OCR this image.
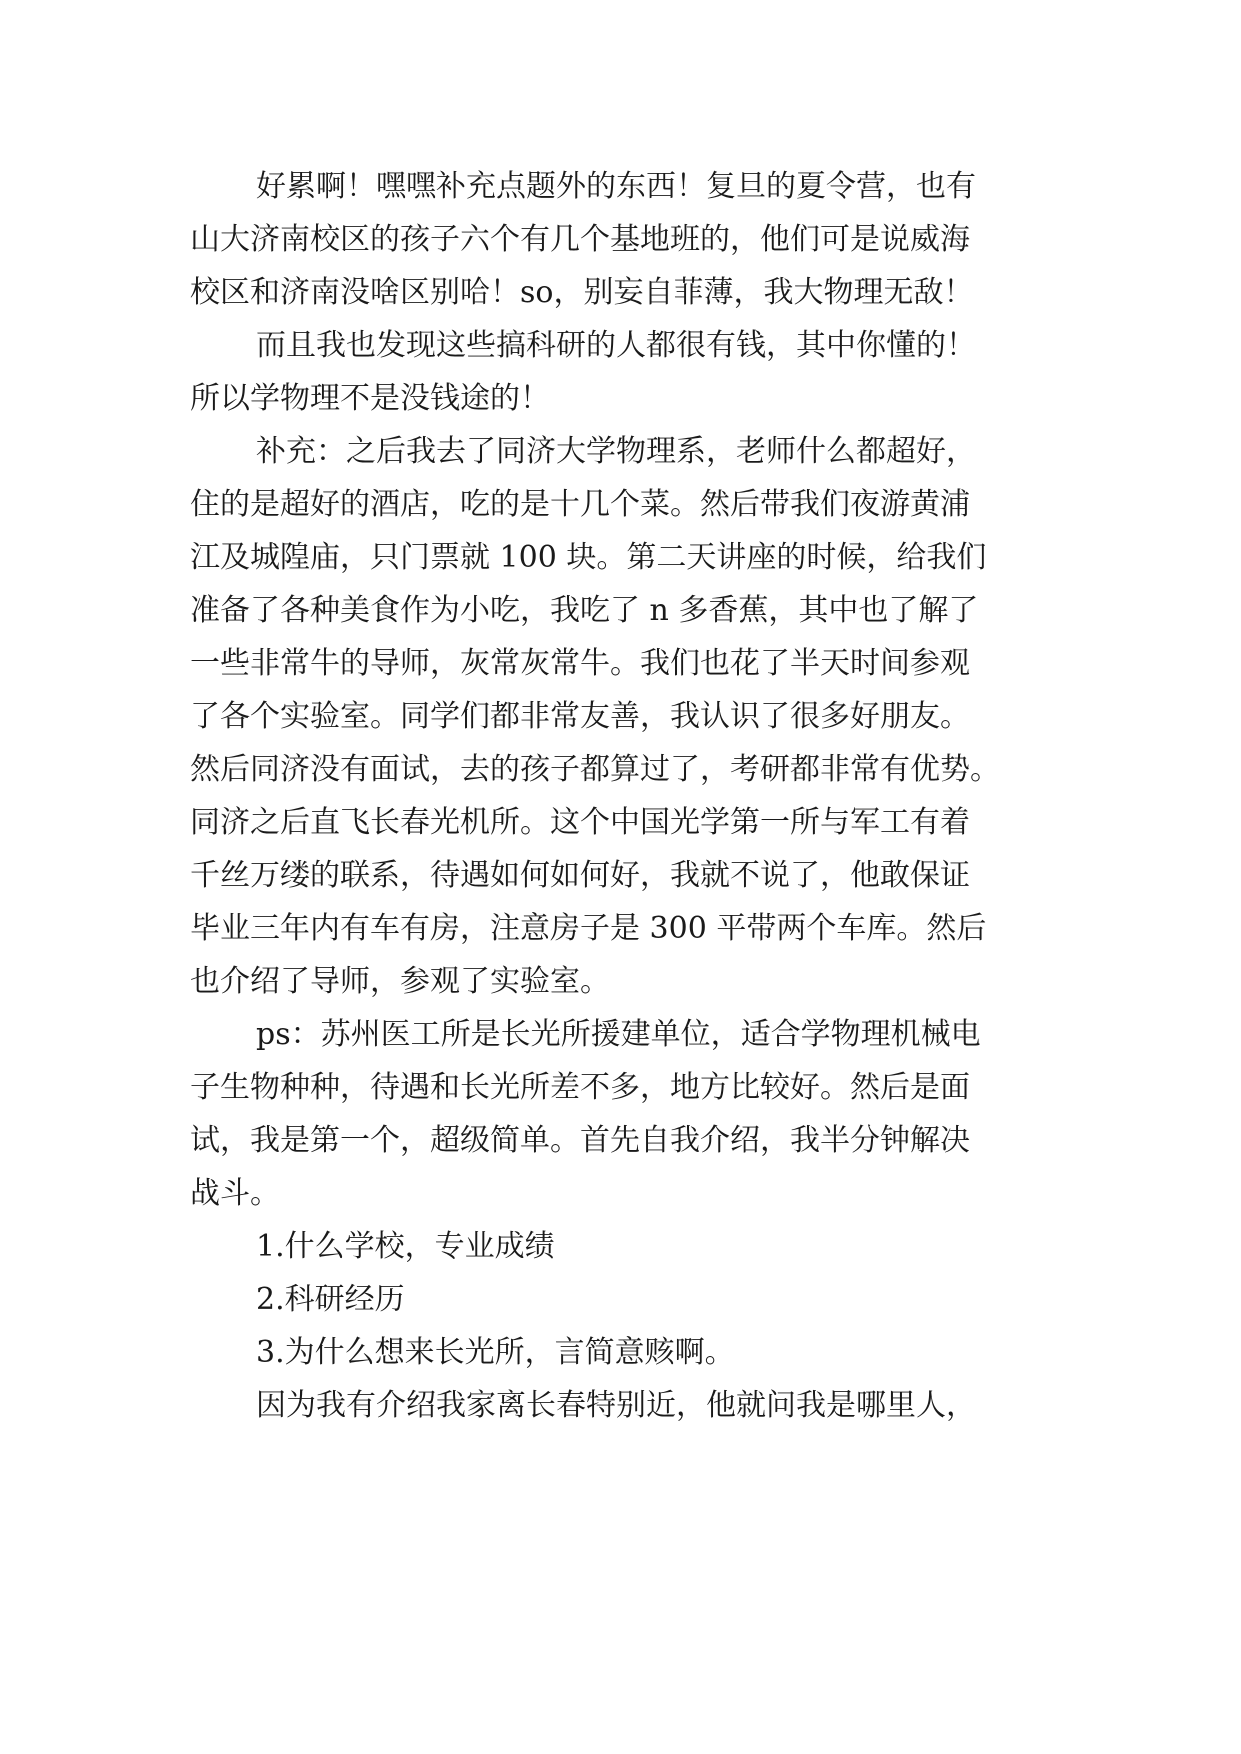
好累啊！嘿嘿补充点题外的东西！复旦的夏令营，也有
山大济南校区的孩子六个有几个基地班的，他们可是说威海
校区和济南没啥区别哈！so，别妄自菲薄，我大物理无敌！
而且我也发现这些搞科研的人都很有钱，其中你懂的！
所以学物理不是没钱途的！
补充：之后我去了同济大学物理系，老师什么都超好，
住的是超好的酒店，吃的是十几个菜。然后带我们夜游黄浦
江及城隍庙，只门票就 100 块。第二天讲座的时候，给我们
准备了各种美食作为小吃，我吃了 n 多香蕉，其中也了解了
一些非常牛的导师，灰常灰常牛。我们也花了半天时间参观
了各个实验室。同学们都非常友善，我认识了很多好朋友。
然后同济没有面试，去的孩子都算过了，考研都非常有优势。
同济之后直飞长春光机所。这个中国光学第一所与军工有着
千丝万缕的联系，待遇如何如何好，我就不说了，他敢保证
毕业三年内有车有房，注意房子是 300 平带两个车库。然后
也介绍了导师，参观了实验室。
ps：苏州医工所是长光所援建单位，适合学物理机械电
子生物种种，待遇和长光所差不多，地方比较好。然后是面
试，我是第一个，超级简单。首先自我介绍，我半分钟解决
战斗。
1.什么学校，专业成绩
2.科研经历
3.为什么想来长光所，言简意赅啊。
因为我有介绍我家离长春特别近，他就问我是哪里人，
